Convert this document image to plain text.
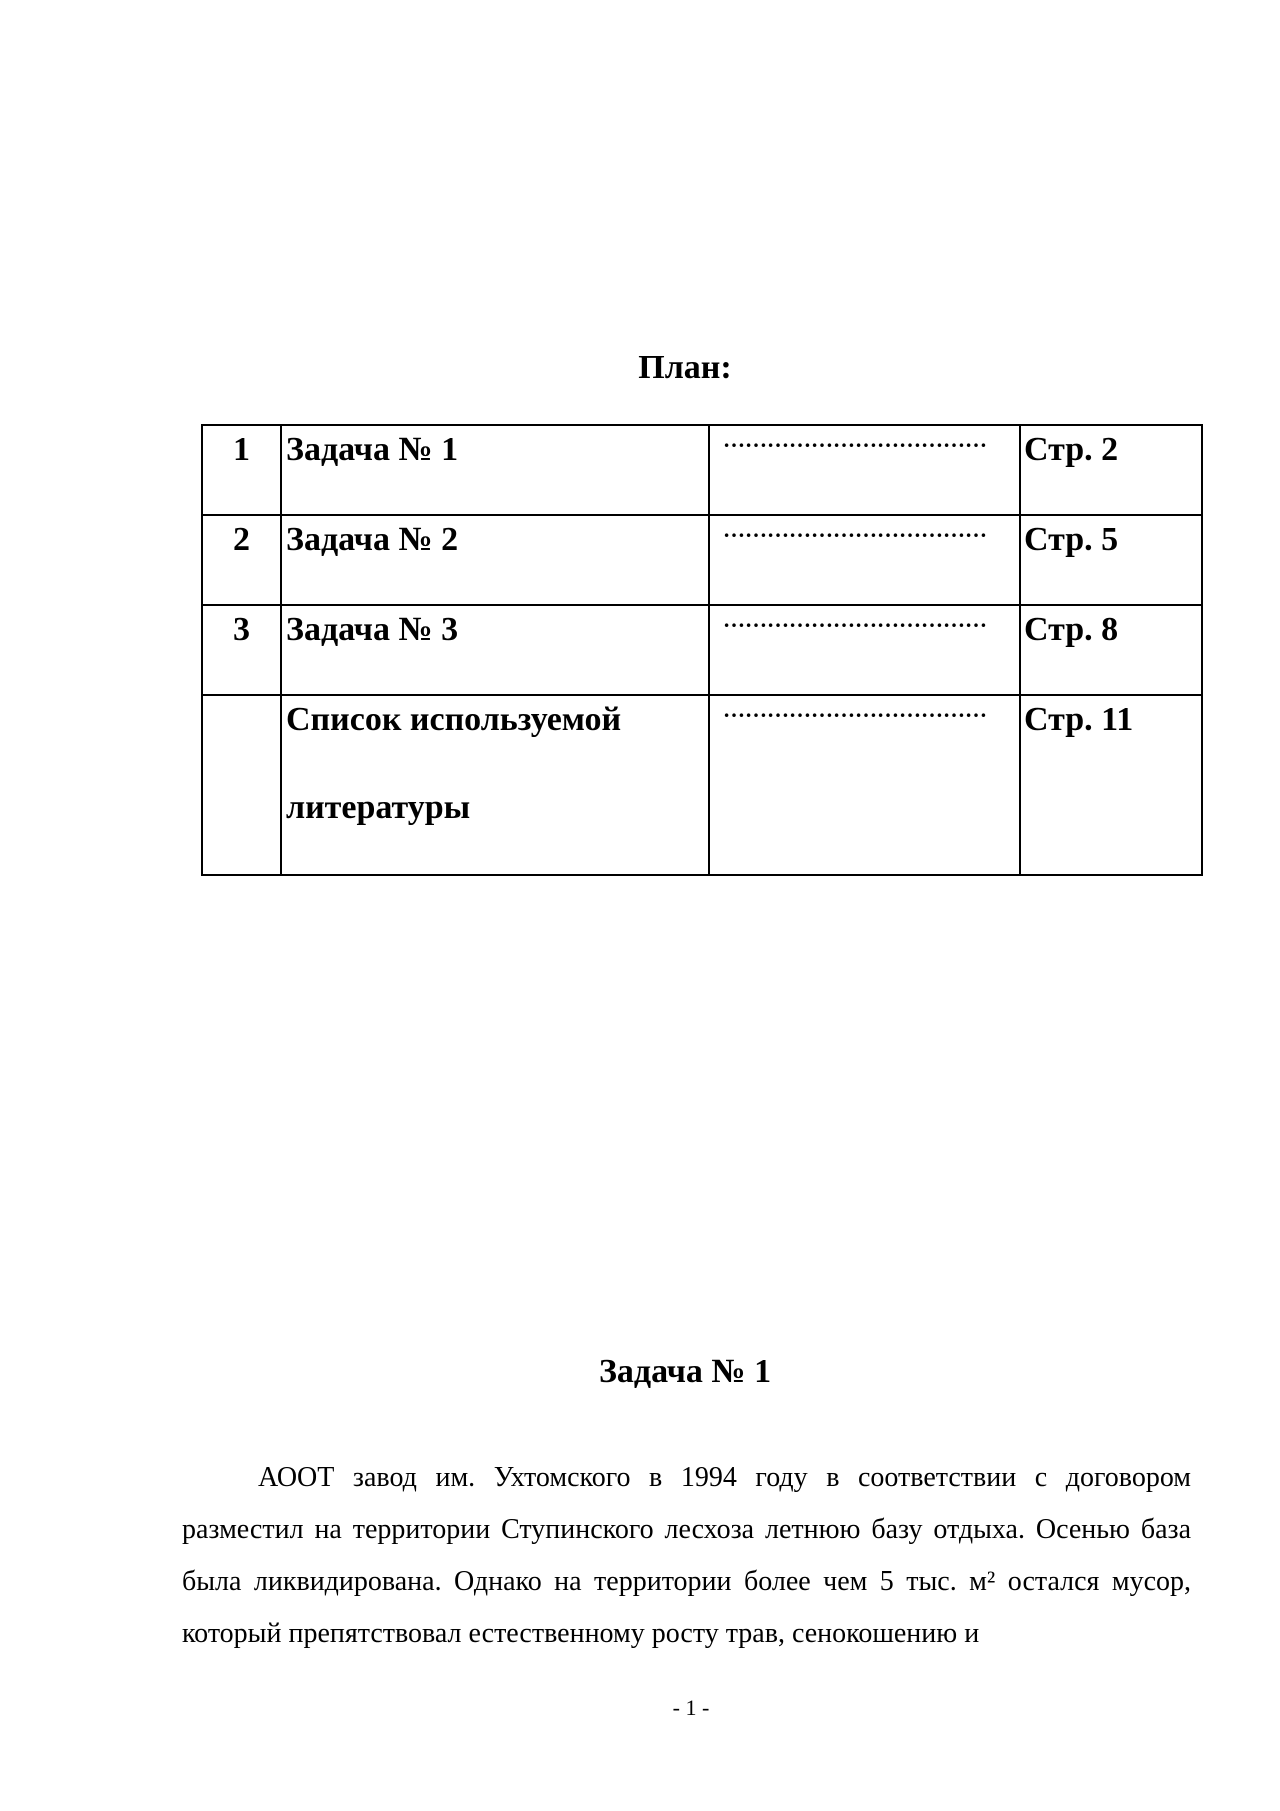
План:
1	Задача № 1	………………………………	Стр. 2

2	Задача № 2	………………………………	Стр. 5

3	Задача № 3	………………………………	Стр. 8

	Список используемой литературы	………………………………	Стр. 11
Задача № 1
АООТ завод им. Ухтомского в 1994 году в соответствии с договором разместил на территории Ступинского лесхоза летнюю базу отдыха. Осенью база была ликвидирована. Однако на территории более чем 5 тыс. м² остался мусор, который препятствовал естественному росту трав, сенокошению и
- 1 -
